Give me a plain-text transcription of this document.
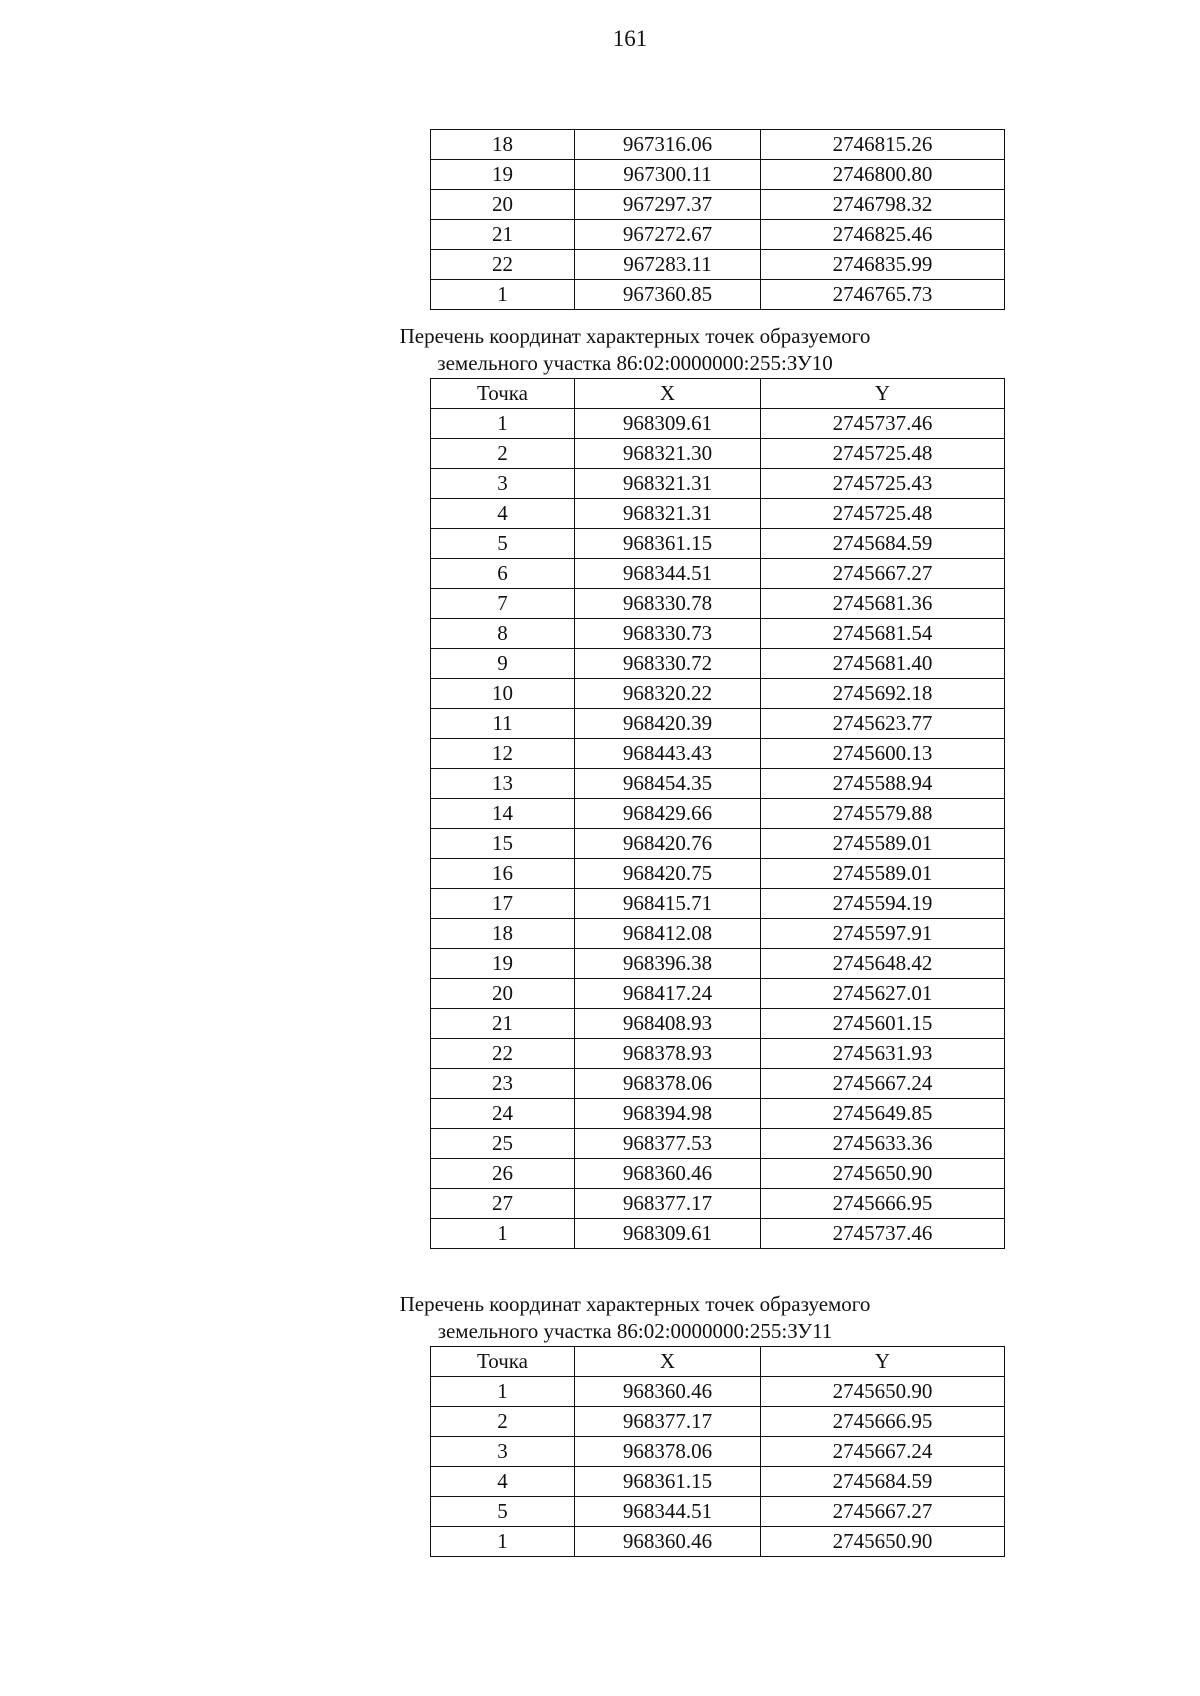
161
18	967316.06	2746815.26
19	967300.11	2746800.80
20	967297.37	2746798.32
21	967272.67	2746825.46
22	967283.11	2746835.99
1	967360.85	2746765.73
Перечень координат характерных точек образуемого
земельного участка 86:02:0000000:255:ЗУ10
Точка	X	Y
1	968309.61	2745737.46
2	968321.30	2745725.48
3	968321.31	2745725.43
4	968321.31	2745725.48
5	968361.15	2745684.59
6	968344.51	2745667.27
7	968330.78	2745681.36
8	968330.73	2745681.54
9	968330.72	2745681.40
10	968320.22	2745692.18
11	968420.39	2745623.77
12	968443.43	2745600.13
13	968454.35	2745588.94
14	968429.66	2745579.88
15	968420.76	2745589.01
16	968420.75	2745589.01
17	968415.71	2745594.19
18	968412.08	2745597.91
19	968396.38	2745648.42
20	968417.24	2745627.01
21	968408.93	2745601.15
22	968378.93	2745631.93
23	968378.06	2745667.24
24	968394.98	2745649.85
25	968377.53	2745633.36
26	968360.46	2745650.90
27	968377.17	2745666.95
1	968309.61	2745737.46
Перечень координат характерных точек образуемого
земельного участка 86:02:0000000:255:ЗУ11
Точка	X	Y
1	968360.46	2745650.90
2	968377.17	2745666.95
3	968378.06	2745667.24
4	968361.15	2745684.59
5	968344.51	2745667.27
1	968360.46	2745650.90
